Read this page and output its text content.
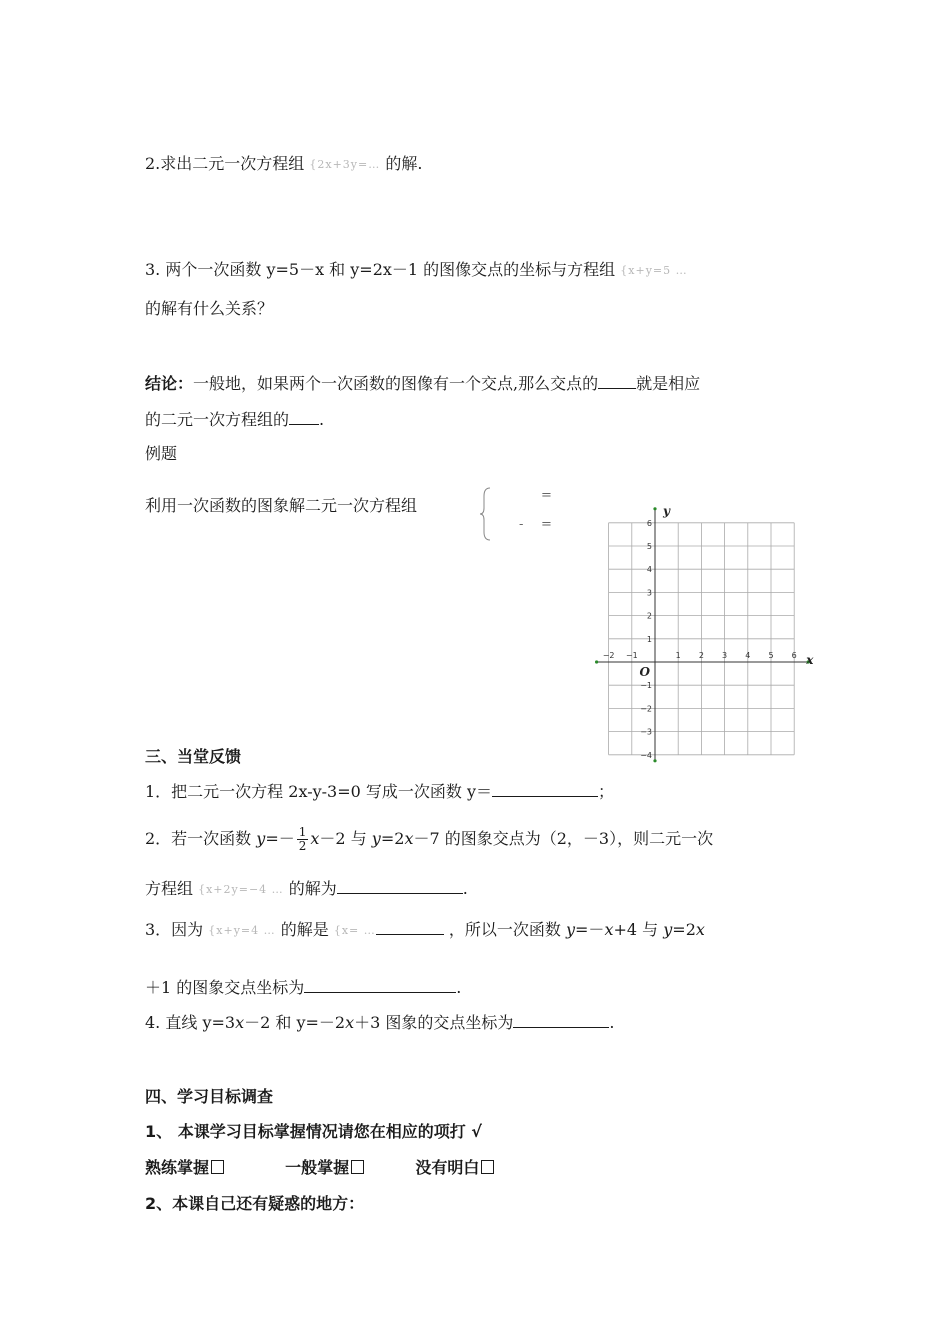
2.求出二元一次方程组 {2x+3y=… 的解.
3. 两个一次函数 y=5－x 和 y=2x－1 的图像交点的坐标与方程组 {x+y=5 …
的解有什么关系？
结论：一般地，如果两个一次函数的图像有一个交点,那么交点的 就是相应
的二元一次方程组的 .
例题
利用一次函数的图象解二元一次方程组
=
- =
−2 −1	1 2 3 4 5 6
6
5
4
3
2
1
−1
−2
−3
−4
y
x
O
三、当堂反馈
1．把二元一次方程 2x-y-3=0 写成一次函数 y＝	；
2．若一次函数 $y=- \frac{1}{2} x-2$ 与 y=2x－7 的图象交点为（2，－3），则二元一次
方程组 {x+2y=−4 … 的解为	.
3．因为 {x+y=4 … 的解是 {x= …	，所以一次函数 y=－x+4 与 y=2x
＋1 的图象交点坐标为	.
4. 直线 y=3x－2 和 y=－2x＋3 图象的交点坐标为	.
四、学习目标调查
1、 本课学习目标掌握情况请您在相应的项打 √
熟练掌握	一般掌握	没有明白
2、本课自己还有疑惑的地方：
